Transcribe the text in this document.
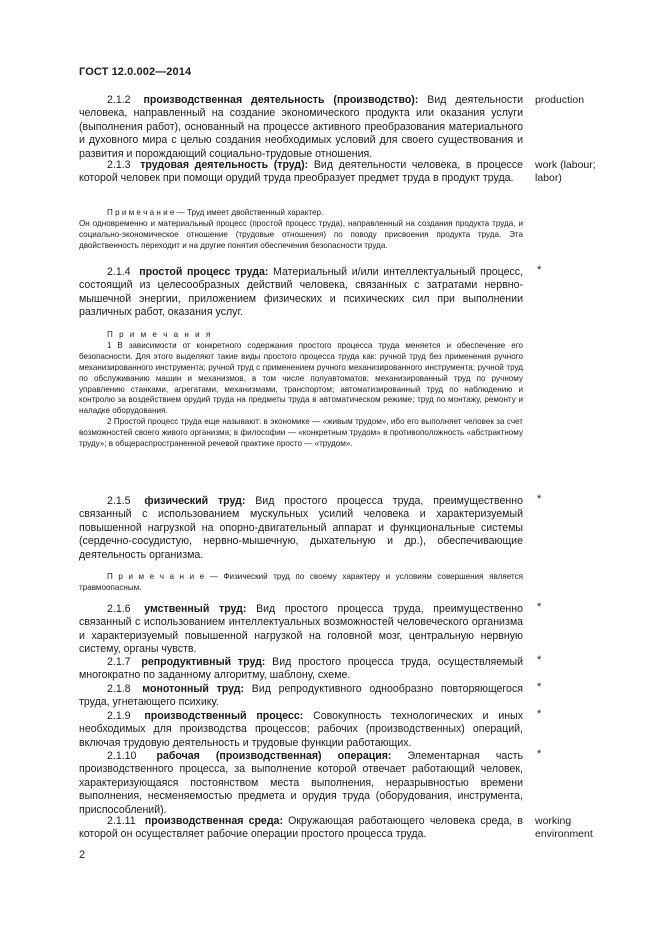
ГОСТ 12.0.002—2014

2.1.2 производственная деятельность (производство): Вид деятельности человека, направленный на создание экономического продукта или оказания услуги (выполнения работ), основанный на процессе активного преобразования материального и духовного мира с целью создания необходимых условий для своего существования и развития и порождающий социально-трудовые отношения.

production

2.1.3 трудовая деятельность (труд): Вид деятельности человека, в процессе которой человек при помощи орудий труда преобразует предмет труда в продукт труда.

work (labour; labor)

П р и м е ч а н и е — Труд имеет двойственный характер.

Он одновременно и материальный процесс (простой процесс труда), направленный на создания продукта труда, и социально-экономическое отношение (трудовые отношения) по поводу присвоения продукта труда. Эта двойственность переходит и на другие понятия обеспечения безопасности труда.

2.1.4 простой процесс труда: Материальный и/или интеллектуальный процесс, состоящий из целесообразных действий человека, связанных с затратами нервно-мышечной энергии, приложением физических и психических сил при выполнении различных работ, оказания услуг.

*

П р и м е ч а н и я

1 В зависимости от конкретного содержания простого процесса труда меняется и обеспечение его безопасности. Для этого выделяют такие виды простого процесса труда как: ручной труд без применения ручного механизированного инструмента; ручной труд с применением ручного механизированного инструмента; ручной труд по обслуживанию машин и механизмов, в том числе полуавтоматов; механизированный труд по ручному управлению станками, агрегатами, механизмами, транспортом; автоматизированный труд по наблюдению и контролю за воздействием орудий труда на предметы труда в автоматическом режиме; труд по монтажу, ремонту и наладке оборудования.

2 Простой процесс труда еще называют: в экономике — «живым трудом», ибо его выполняет человек за счет возможностей своего живого организма; в философии — «конкретным трудом» в противоположность «абстрактному труду»; в общераспространенной речевой практике просто — «трудом».

2.1.5 физический труд: Вид простого процесса труда, преимущественно связанный с использованием мускульных усилий человека и характеризуемый повышенной нагрузкой на опорно-двигательный аппарат и функциональные системы (сердечно-сосудистую, нервно-мышечную, дыхательную и др.), обеспечивающие деятельность организма.

*

П р и м е ч а н и е — Физический труд по своему характеру и условиям совершения является травмоопасным.

2.1.6 умственный труд: Вид простого процесса труда, преимущественно связанный с использованием интеллектуальных возможностей человеческого организма и характеризуемый повышенной нагрузкой на головной мозг, центральную нервную систему, органы чувств.

*

2.1.7 репродуктивный труд: Вид простого процесса труда, осуществляемый многократно по заданному алгоритму, шаблону, схеме.

*

2.1.8 монотонный труд: Вид репродуктивного однообразно повторяющегося труда, угнетающего психику.

*

2.1.9 производственный процесс: Совокупность технологических и иных необходимых для производства процессов; рабочих (производственных) операций, включая трудовую деятельность и трудовые функции работающих.

*

2.1.10 рабочая (производственная) операция: Элементарная часть производственного процесса, за выполнение которой отвечает работающий человек, характеризующаяся постоянством места выполнения, неразрывностью времени выполнения, несменяемостью предмета и орудия труда (оборудования, инструмента, приспособлений).

*

2.1.11 производственная среда: Окружающая работающего человека среда, в которой он осуществляет рабочие операции простого процесса труда.

working environment
2
